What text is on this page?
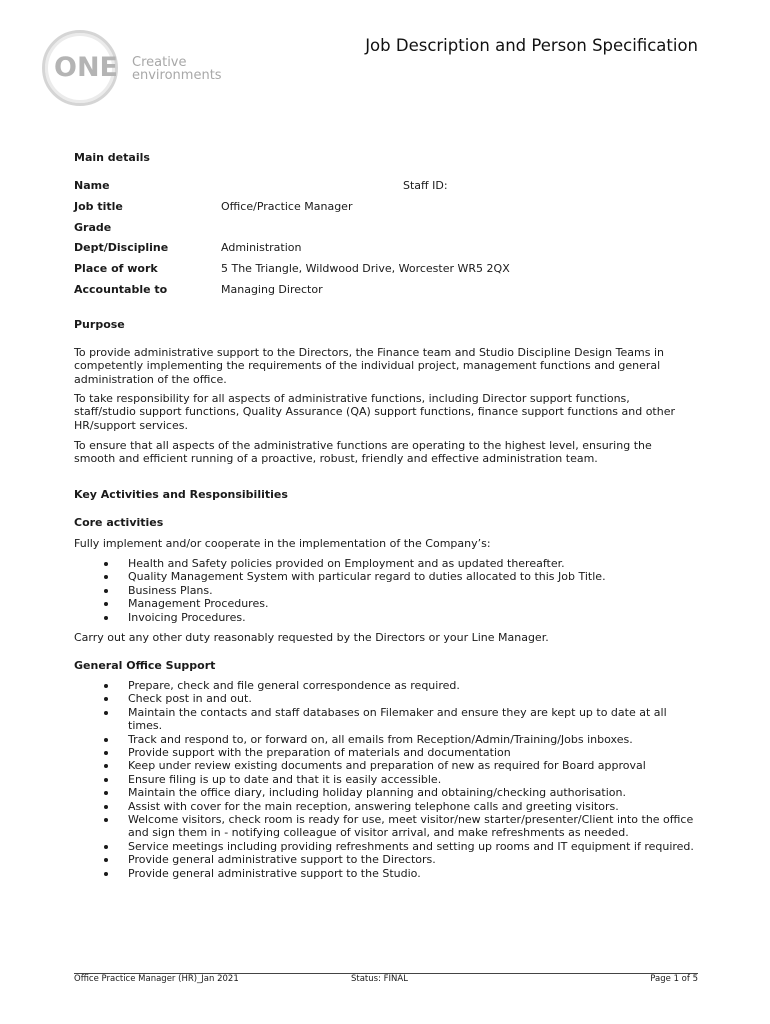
ONE	Creative
environments
Job Description and Person Specification
Main details
Name	Staff ID:
Job title	Office/Practice Manager
Grade
Dept/Discipline	Administration
Place of work	5 The Triangle, Wildwood Drive, Worcester WR5 2QX
Accountable to	Managing Director
Purpose
To provide administrative support to the Directors, the Finance team and Studio Discipline Design Teams in competently implementing the requirements of the individual project, management functions and general administration of the office.
To take responsibility for all aspects of administrative functions, including Director support functions, staff/studio support functions, Quality Assurance (QA) support functions, finance support functions and other HR/support services.
To ensure that all aspects of the administrative functions are operating to the highest level, ensuring the smooth and efficient running of a proactive, robust, friendly and effective administration team.
Key Activities and Responsibilities
Core activities
Fully implement and/or cooperate in the implementation of the Company’s:
Health and Safety policies provided on Employment and as updated thereafter.
Quality Management System with particular regard to duties allocated to this Job Title.
Business Plans.
Management Procedures.
Invoicing Procedures.
Carry out any other duty reasonably requested by the Directors or your Line Manager.
General Office Support
Prepare, check and file general correspondence as required.
Check post in and out.
Maintain the contacts and staff databases on Filemaker and ensure they are kept up to date at all times.
Track and respond to, or forward on, all emails from Reception/Admin/Training/Jobs inboxes.
Provide support with the preparation of materials and documentation
Keep under review existing documents and preparation of new as required for Board approval
Ensure filing is up to date and that it is easily accessible.
Maintain the office diary, including holiday planning and obtaining/checking authorisation.
Assist with cover for the main reception, answering telephone calls and greeting visitors.
Welcome visitors, check room is ready for use, meet visitor/new starter/presenter/Client into the office and sign them in - notifying colleague of visitor arrival, and make refreshments as needed.
Service meetings including providing refreshments and setting up rooms and IT equipment if required.
Provide general administrative support to the Directors.
Provide general administrative support to the Studio.
Office Practice Manager (HR)_Jan 2021	Status: FINAL	Page 1 of 5
